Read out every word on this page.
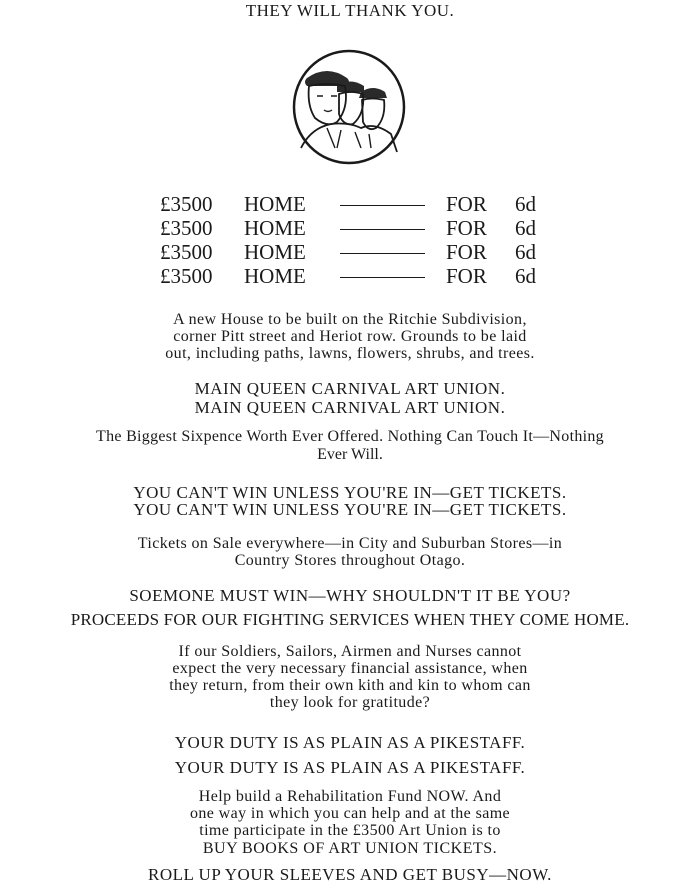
THEY WILL THANK YOU.
£3500 HOME	FOR 6d
£3500 HOME	FOR 6d
£3500 HOME	FOR 6d
£3500 HOME	FOR 6d
A new House to be built on the Ritchie Subdivision,
corner Pitt street and Heriot row. Grounds to be laid
out, including paths, lawns, flowers, shrubs, and trees.
MAIN QUEEN CARNIVAL ART UNION.
MAIN QUEEN CARNIVAL ART UNION.
The Biggest Sixpence Worth Ever Offered. Nothing Can Touch It—Nothing
Ever Will.
YOU CAN'T WIN UNLESS YOU'RE IN—GET TICKETS.
YOU CAN'T WIN UNLESS YOU'RE IN—GET TICKETS.
Tickets on Sale everywhere—in City and Suburban Stores—in
Country Stores throughout Otago.
SOEMONE MUST WIN—WHY SHOULDN'T IT BE YOU?
PROCEEDS FOR OUR FIGHTING SERVICES WHEN THEY COME HOME.
If our Soldiers, Sailors, Airmen and Nurses cannot
expect the very necessary financial assistance, when
they return, from their own kith and kin to whom can
they look for gratitude?
YOUR DUTY IS AS PLAIN AS A PIKESTAFF.
YOUR DUTY IS AS PLAIN AS A PIKESTAFF.
Help build a Rehabilitation Fund NOW. And
one way in which you can help and at the same
time participate in the £3500 Art Union is to
BUY BOOKS OF ART UNION TICKETS.
ROLL UP YOUR SLEEVES AND GET BUSY—NOW.
